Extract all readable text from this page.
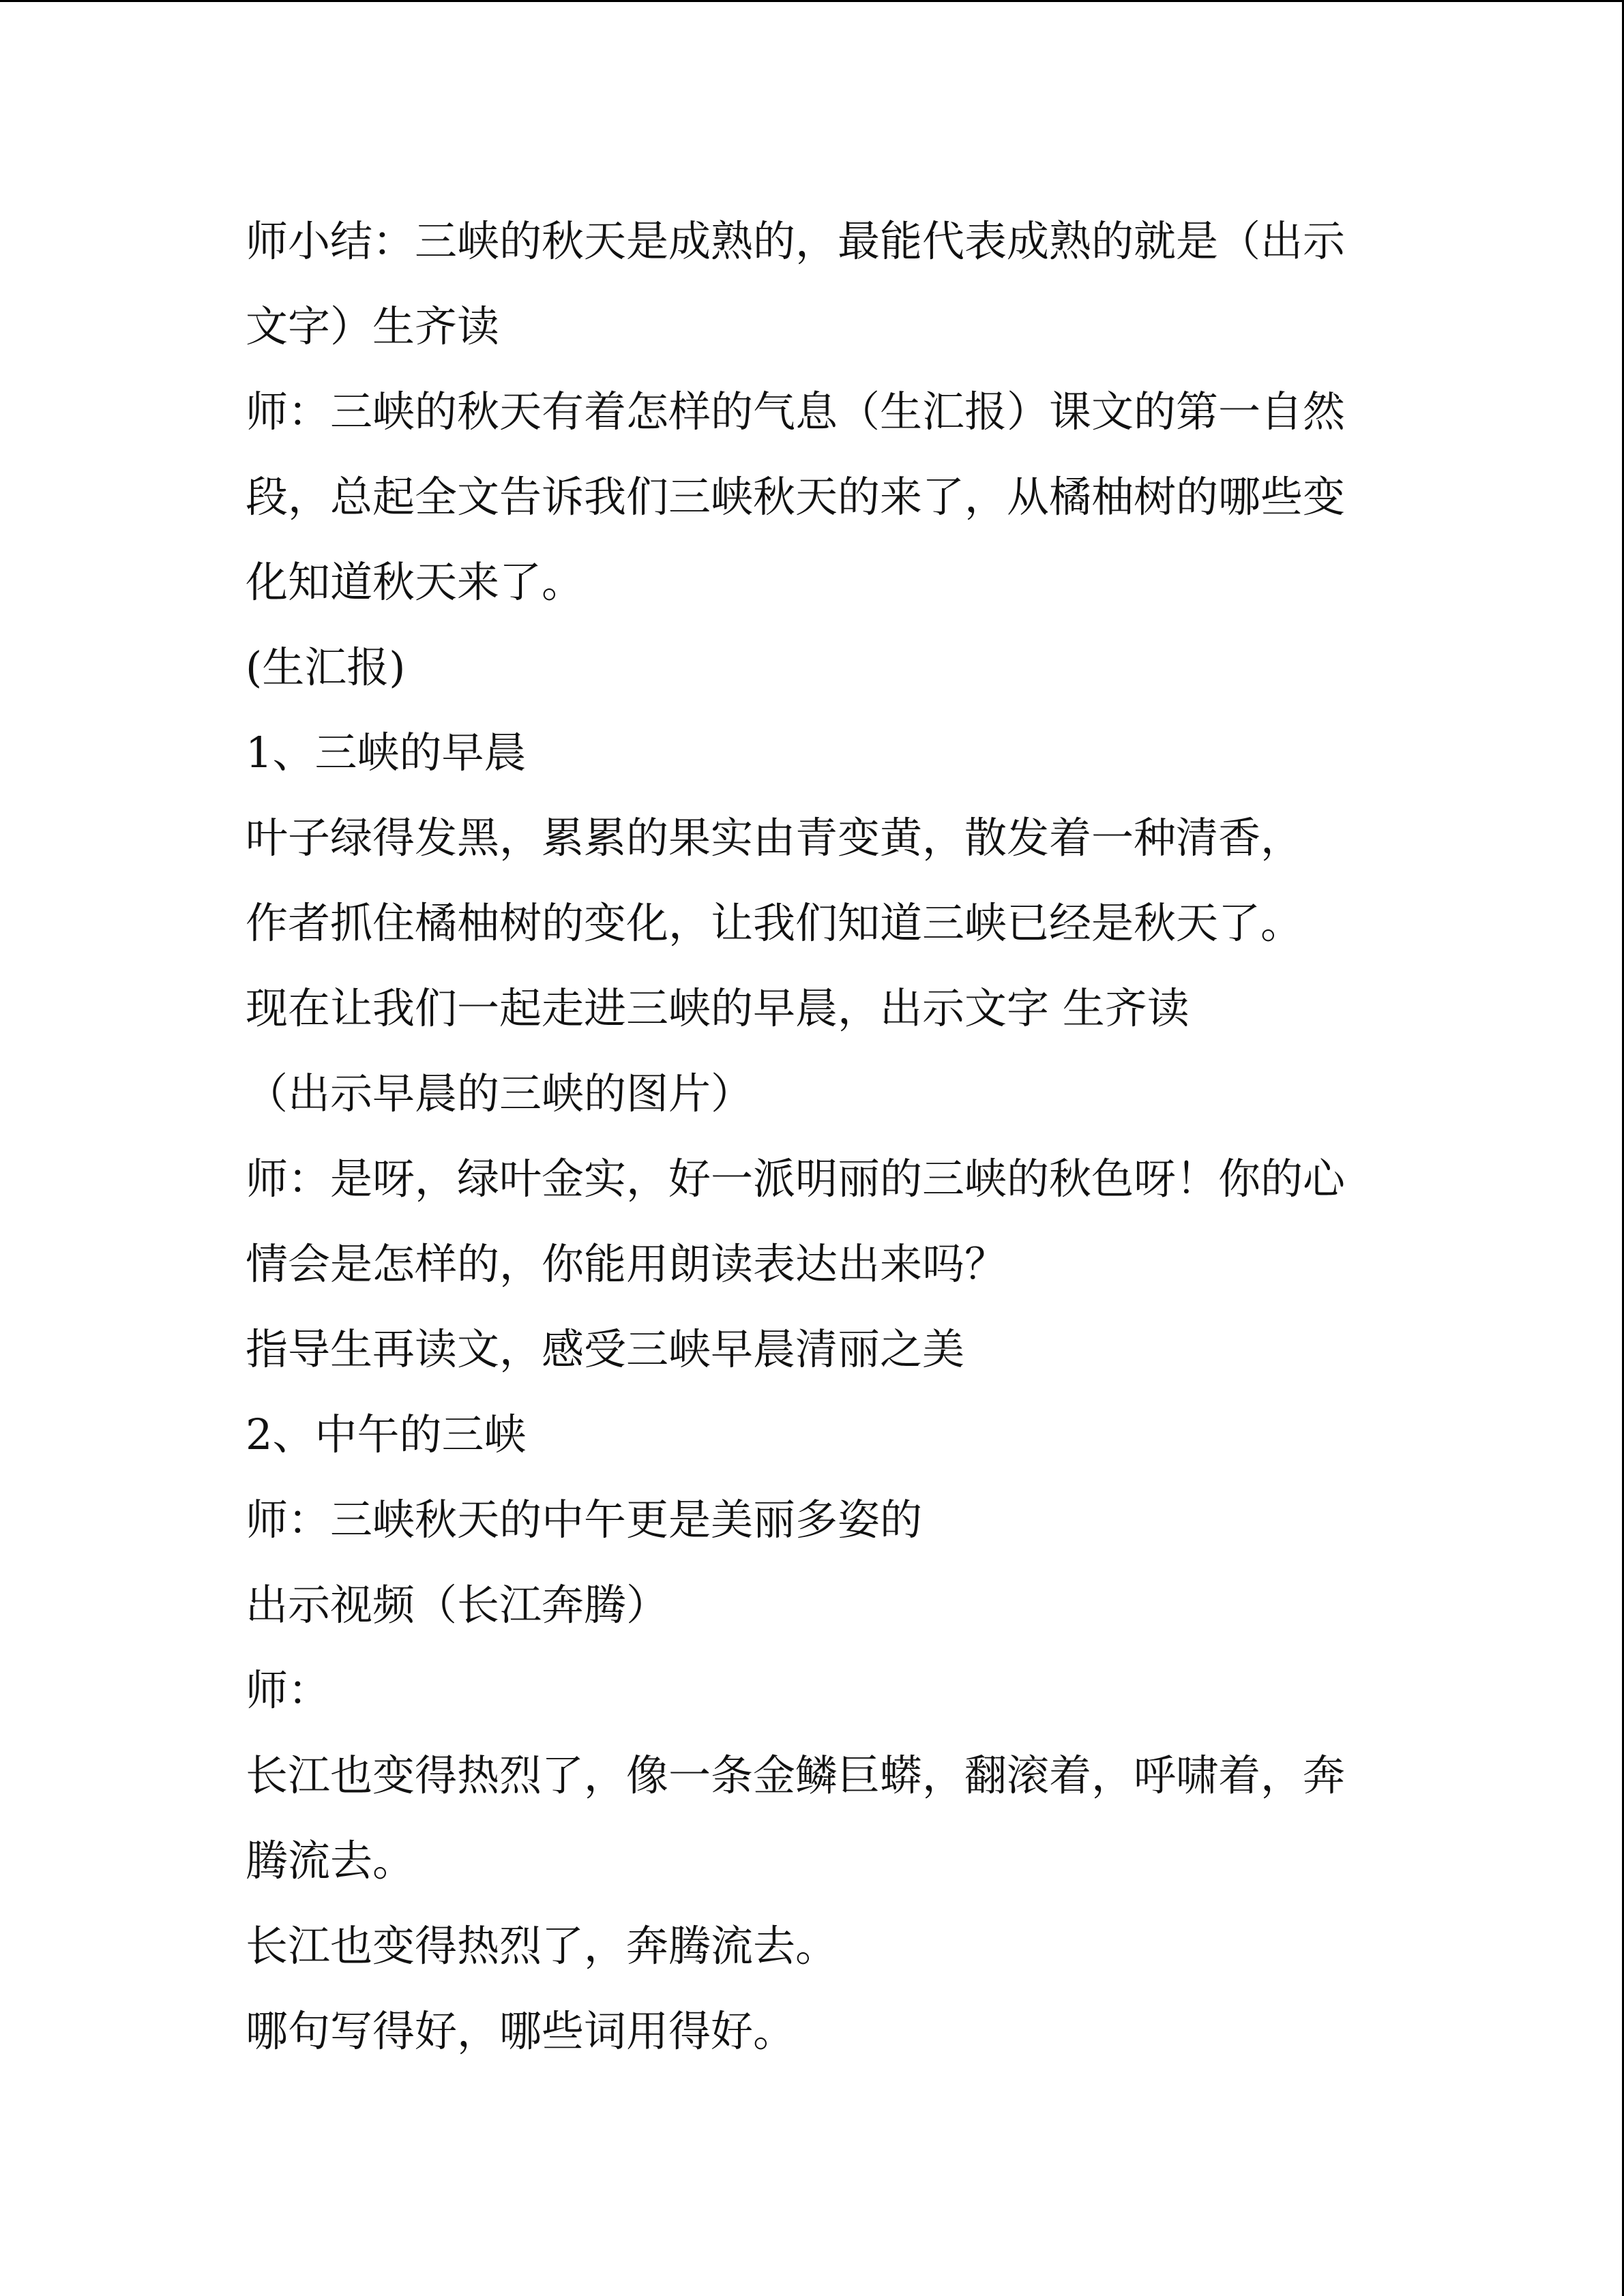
师小结：三峡的秋天是成熟的，最能代表成熟的就是（出示
文字）生齐读
师：三峡的秋天有着怎样的气息（生汇报）课文的第一自然
段，总起全文告诉我们三峡秋天的来了，从橘柚树的哪些变
化知道秋天来了。
(生汇报)
1、三峡的早晨
叶子绿得发黑，累累的果实由青变黄，散发着一种清香，
作者抓住橘柚树的变化，让我们知道三峡已经是秋天了。
现在让我们一起走进三峡的早晨，出示文字 生齐读
（出示早晨的三峡的图片）
师：是呀，绿叶金实，好一派明丽的三峡的秋色呀！你的心
情会是怎样的，你能用朗读表达出来吗？
指导生再读文，感受三峡早晨清丽之美
2、中午的三峡
师：三峡秋天的中午更是美丽多姿的
出示视频（长江奔腾）
师：
长江也变得热烈了，像一条金鳞巨蟒，翻滚着，呼啸着，奔
腾流去。
长江也变得热烈了，奔腾流去。
哪句写得好，哪些词用得好。
